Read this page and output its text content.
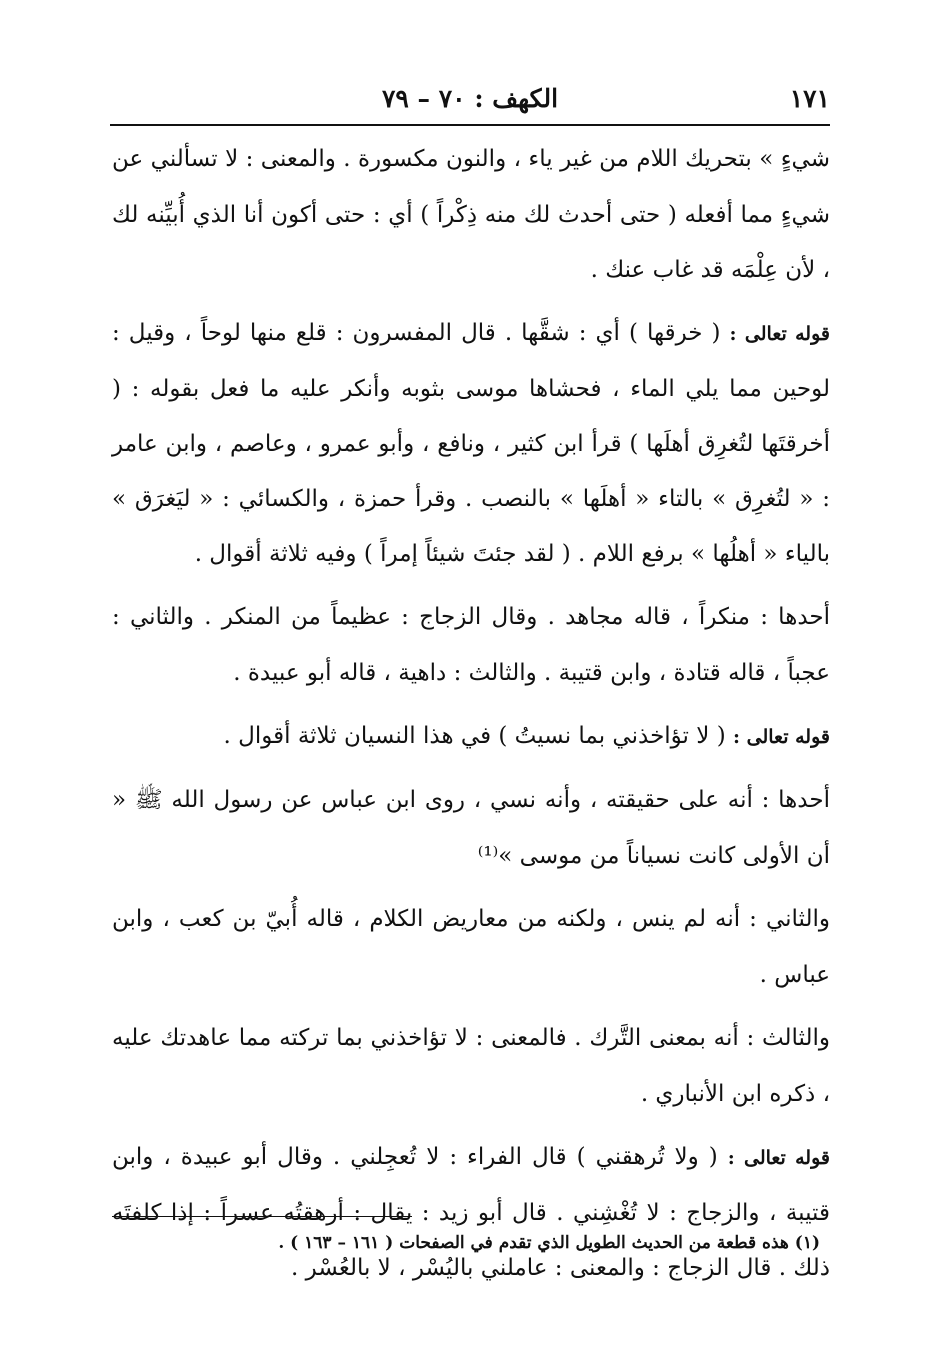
١٧١
الكهف : ٧٠ – ٧٩

شيءٍ » بتحريك اللام من غير ياء ، والنون مكسورة . والمعنى : لا تسألني عن شيءٍ مما أفعله ( حتى أحدث لك منه ذِكْراً ) أي : حتى أكون أنا الذي أُبيِّنه لك ، لأن عِلْمَه قد غاب عنك .

قوله تعالى : ( خرقها ) أي : شقَّها . قال المفسرون : قلع منها لوحاً ، وقيل : لوحين مما يلي الماء ، فحشاها موسى بثوبه وأنكر عليه ما فعل بقوله : ( أخرقتَها لتُغرِق أهلَها ) قرأ ابن كثير ، ونافع ، وأبو عمرو ، وعاصم ، وابن عامر : « لتُغرِق » بالتاء « أهلَها » بالنصب . وقرأ حمزة ، والكسائي : « ليَغرَق » بالياء « أهلُها » برفع اللام . ( لقد جئتَ شيئاً إمراً ) وفيه ثلاثة أقوال .

أحدها : منكراً ، قاله مجاهد . وقال الزجاج : عظيماً من المنكر . والثاني : عجباً ، قاله قتادة ، وابن قتيبة . والثالث : داهية ، قاله أبو عبيدة .

قوله تعالى : ( لا تؤاخذني بما نسيتُ ) في هذا النسيان ثلاثة أقوال .

أحدها : أنه على حقيقته ، وأنه نسي ، روى ابن عباس عن رسول الله ﷺ « أن الأولى كانت نسياناً من موسى »⁽¹⁾

والثاني : أنه لم ينس ، ولكنه من معاريض الكلام ، قاله أُبيّ بن كعب ، وابن عباس .

والثالث : أنه بمعنى التَّرك . فالمعنى : لا تؤاخذني بما تركته مما عاهدتك عليه ، ذكره ابن الأنباري .

قوله تعالى : ( ولا تُرهقني ) قال الفراء : لا تُعجِلني . وقال أبو عبيدة ، وابن قتيبة ، والزجاج : لا تُغْشِني . قال أبو زيد : يقال : أرهقتُه عسراً : إذا كلفتَه ذلك . قال الزجاج : والمعنى : عاملني باليُسْر ، لا بالعُسْر .

(١) هذه قطعة من الحديث الطويل الذي تقدم في الصفحات ( ١٦١ – ١٦٣ ) .
